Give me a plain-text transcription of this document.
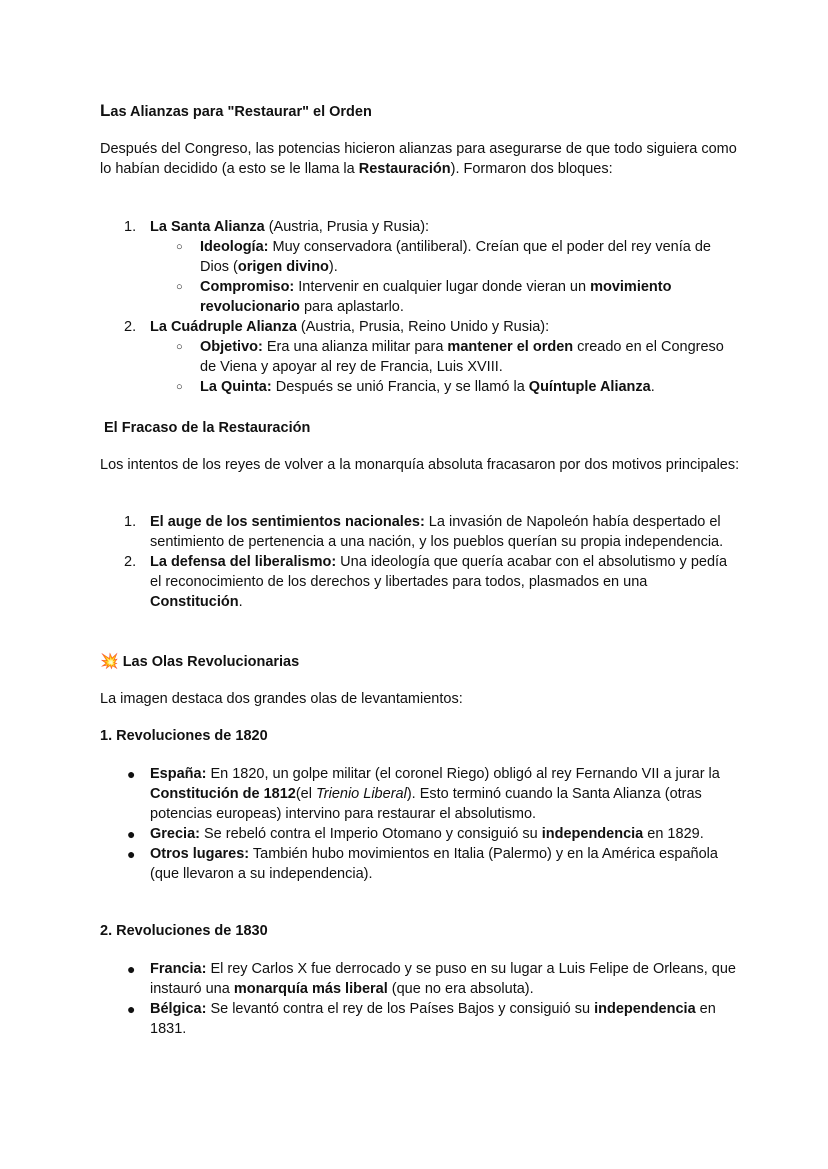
Las Alianzas para "Restaurar" el Orden

Después del Congreso, las potencias hicieron alianzas para asegurarse de que todo siguiera como lo habían decidido (a esto se le llama la Restauración). Formaron dos bloques:

1. La Santa Alianza (Austria, Prusia y Rusia):
○ Ideología: Muy conservadora (antiliberal). Creían que el poder del rey venía de Dios (origen divino).
○ Compromiso: Intervenir en cualquier lugar donde vieran un movimiento revolucionario para aplastarlo.
2. La Cuádruple Alianza (Austria, Prusia, Reino Unido y Rusia):
○ Objetivo: Era una alianza militar para mantener el orden creado en el Congreso de Viena y apoyar al rey de Francia, Luis XVIII.
○ La Quinta: Después se unió Francia, y se llamó la Quíntuple Alianza.
El Fracaso de la Restauración

Los intentos de los reyes de volver a la monarquía absoluta fracasaron por dos motivos principales:

1. El auge de los sentimientos nacionales: La invasión de Napoleón había despertado el sentimiento de pertenencia a una nación, y los pueblos querían su propia independencia.
2. La defensa del liberalismo: Una ideología que quería acabar con el absolutismo y pedía el reconocimiento de los derechos y libertades para todos, plasmados en una Constitución.
💥 Las Olas Revolucionarias

La imagen destaca dos grandes olas de levantamientos:

1. Revoluciones de 1820
● España: En 1820, un golpe militar (el coronel Riego) obligó al rey Fernando VII a jurar la Constitución de 1812(el Trienio Liberal). Esto terminó cuando la Santa Alianza (otras potencias europeas) intervino para restaurar el absolutismo.
● Grecia: Se rebeló contra el Imperio Otomano y consiguió su independencia en 1829.
● Otros lugares: También hubo movimientos en Italia (Palermo) y en la América española (que llevaron a su independencia).
2. Revoluciones de 1830
● Francia: El rey Carlos X fue derrocado y se puso en su lugar a Luis Felipe de Orleans, que instauró una monarquía más liberal (que no era absoluta).
● Bélgica: Se levantó contra el rey de los Países Bajos y consiguió su independencia en 1831.
